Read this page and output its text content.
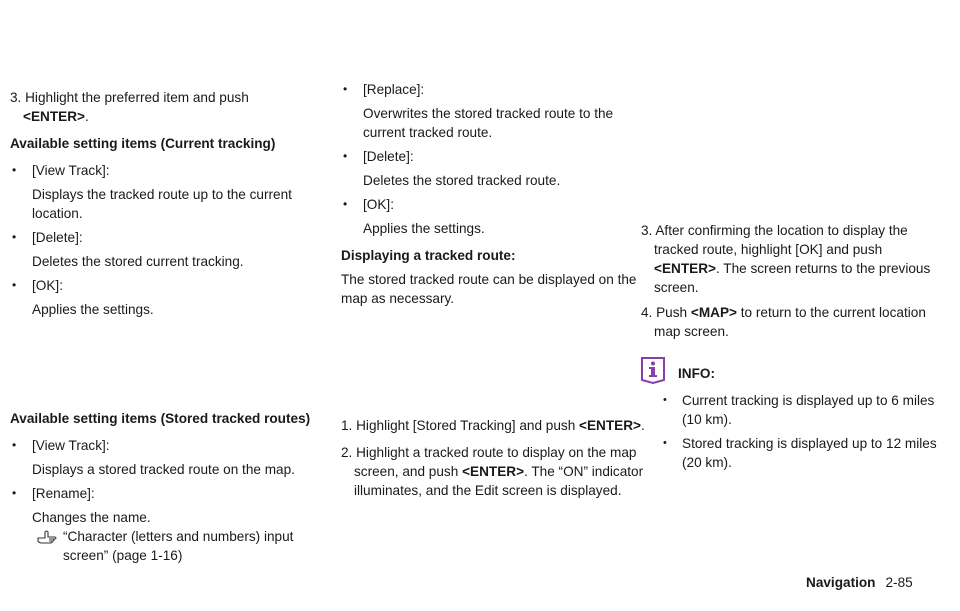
3. Highlight the preferred item and push
<ENTER>.

Available setting items (Current tracking)

• [View Track]:

Displays the tracked route up to the current location.

• [Delete]:

Deletes the stored current tracking.

• [OK]:

Applies the settings.

Available setting items (Stored tracked routes)

• [View Track]:

Displays a stored tracked route on the map.

• [Rename]:

Changes the name.

“Character (letters and numbers) input screen” (page 1-16)

• [Replace]:

Overwrites the stored tracked route to the current tracked route.

• [Delete]:

Deletes the stored tracked route.

• [OK]:

Applies the settings.

Displaying a tracked route:

The stored tracked route can be displayed on the map as necessary.

1. Highlight [Stored Tracking] and push <ENTER>.

2. Highlight a tracked route to display on the map screen, and push <ENTER>. The “ON” indicator illuminates, and the Edit screen is displayed.

3. After confirming the location to display the tracked route, highlight [OK] and push <ENTER>. The screen returns to the previous screen.

4. Push <MAP> to return to the current location map screen.

INFO:

• Current tracking is displayed up to 6 miles (10 km).

• Stored tracking is displayed up to 12 miles (20 km).

Navigation 2-85
